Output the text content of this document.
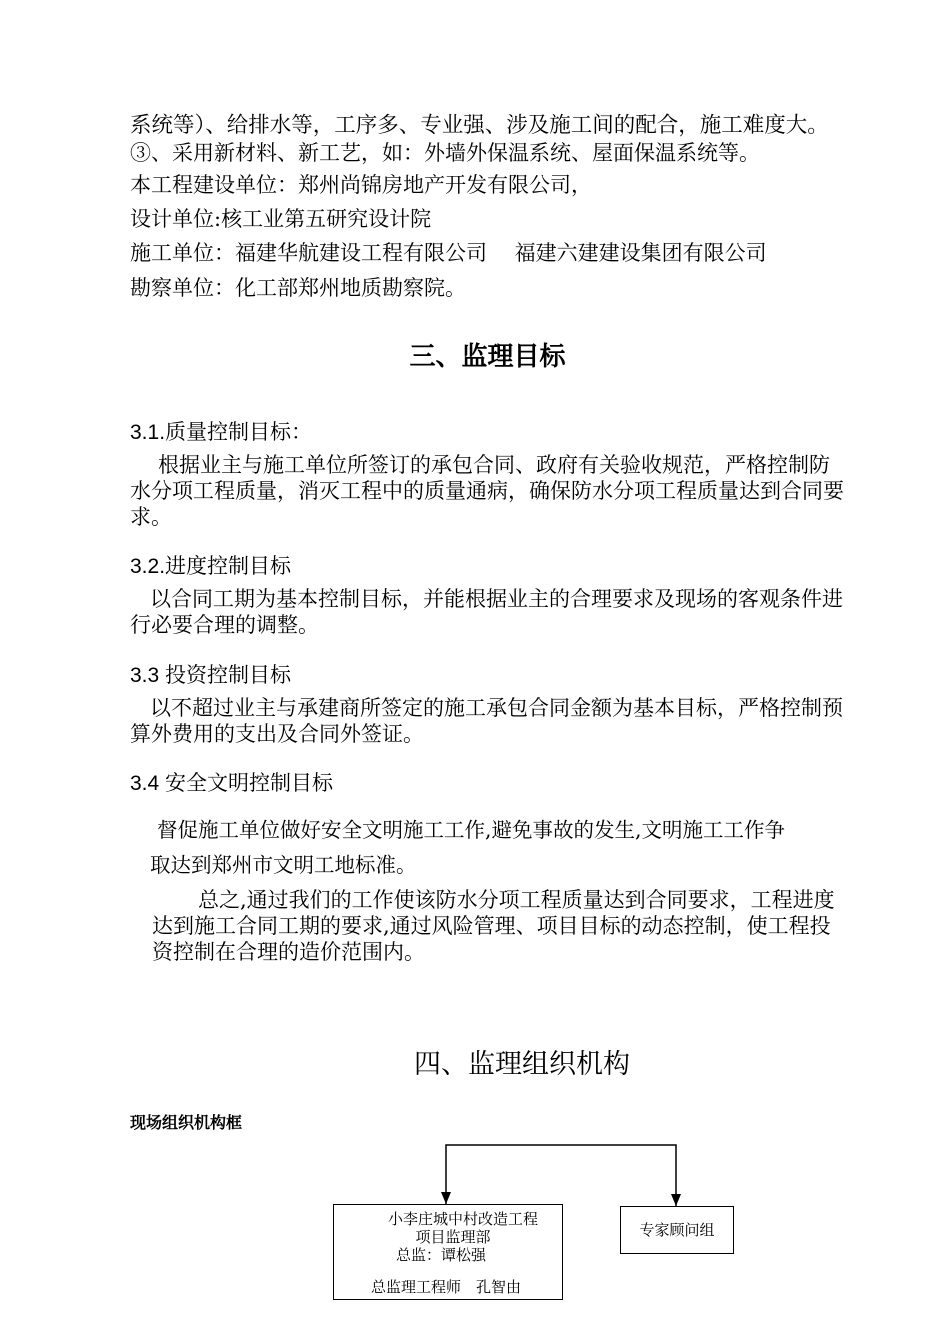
系统等）、给排水等，工序多、专业强、涉及施工间的配合，施工难度大。
③、采用新材料、新工艺，如：外墙外保温系统、屋面保温系统等。
本工程建设单位：郑州尚锦房地产开发有限公司，
设计单位:核工业第五研究设计院
施工单位：福建华航建设工程有限公司　 福建六建建设集团有限公司
勘察单位：化工部郑州地质勘察院。
三、监理目标
3.1.质量控制目标：
根据业主与施工单位所签订的承包合同、政府有关验收规范，严格控制防水分项工程质量，消灭工程中的质量通病，确保防水分项工程质量达到合同要求。
3.2.进度控制目标
以合同工期为基本控制目标，并能根据业主的合理要求及现场的客观条件进行必要合理的调整。
3.3 投资控制目标
以不超过业主与承建商所签定的施工承包合同金额为基本目标，严格控制预算外费用的支出及合同外签证。
3.4 安全文明控制目标
督促施工单位做好安全文明施工工作,避免事故的发生,文明施工工作争
取达到郑州市文明工地标准。
总之,通过我们的工作使该防水分项工程质量达到合同要求，工程进度达到施工合同工期的要求,通过风险管理、项目目标的动态控制，使工程投资控制在合理的造价范围内。
四、监理组织机构
现场组织机构框
小李庄城中村改造工程
项目监理部
总监：谭松强
总监理工程师　孔智由
专家顾问组
